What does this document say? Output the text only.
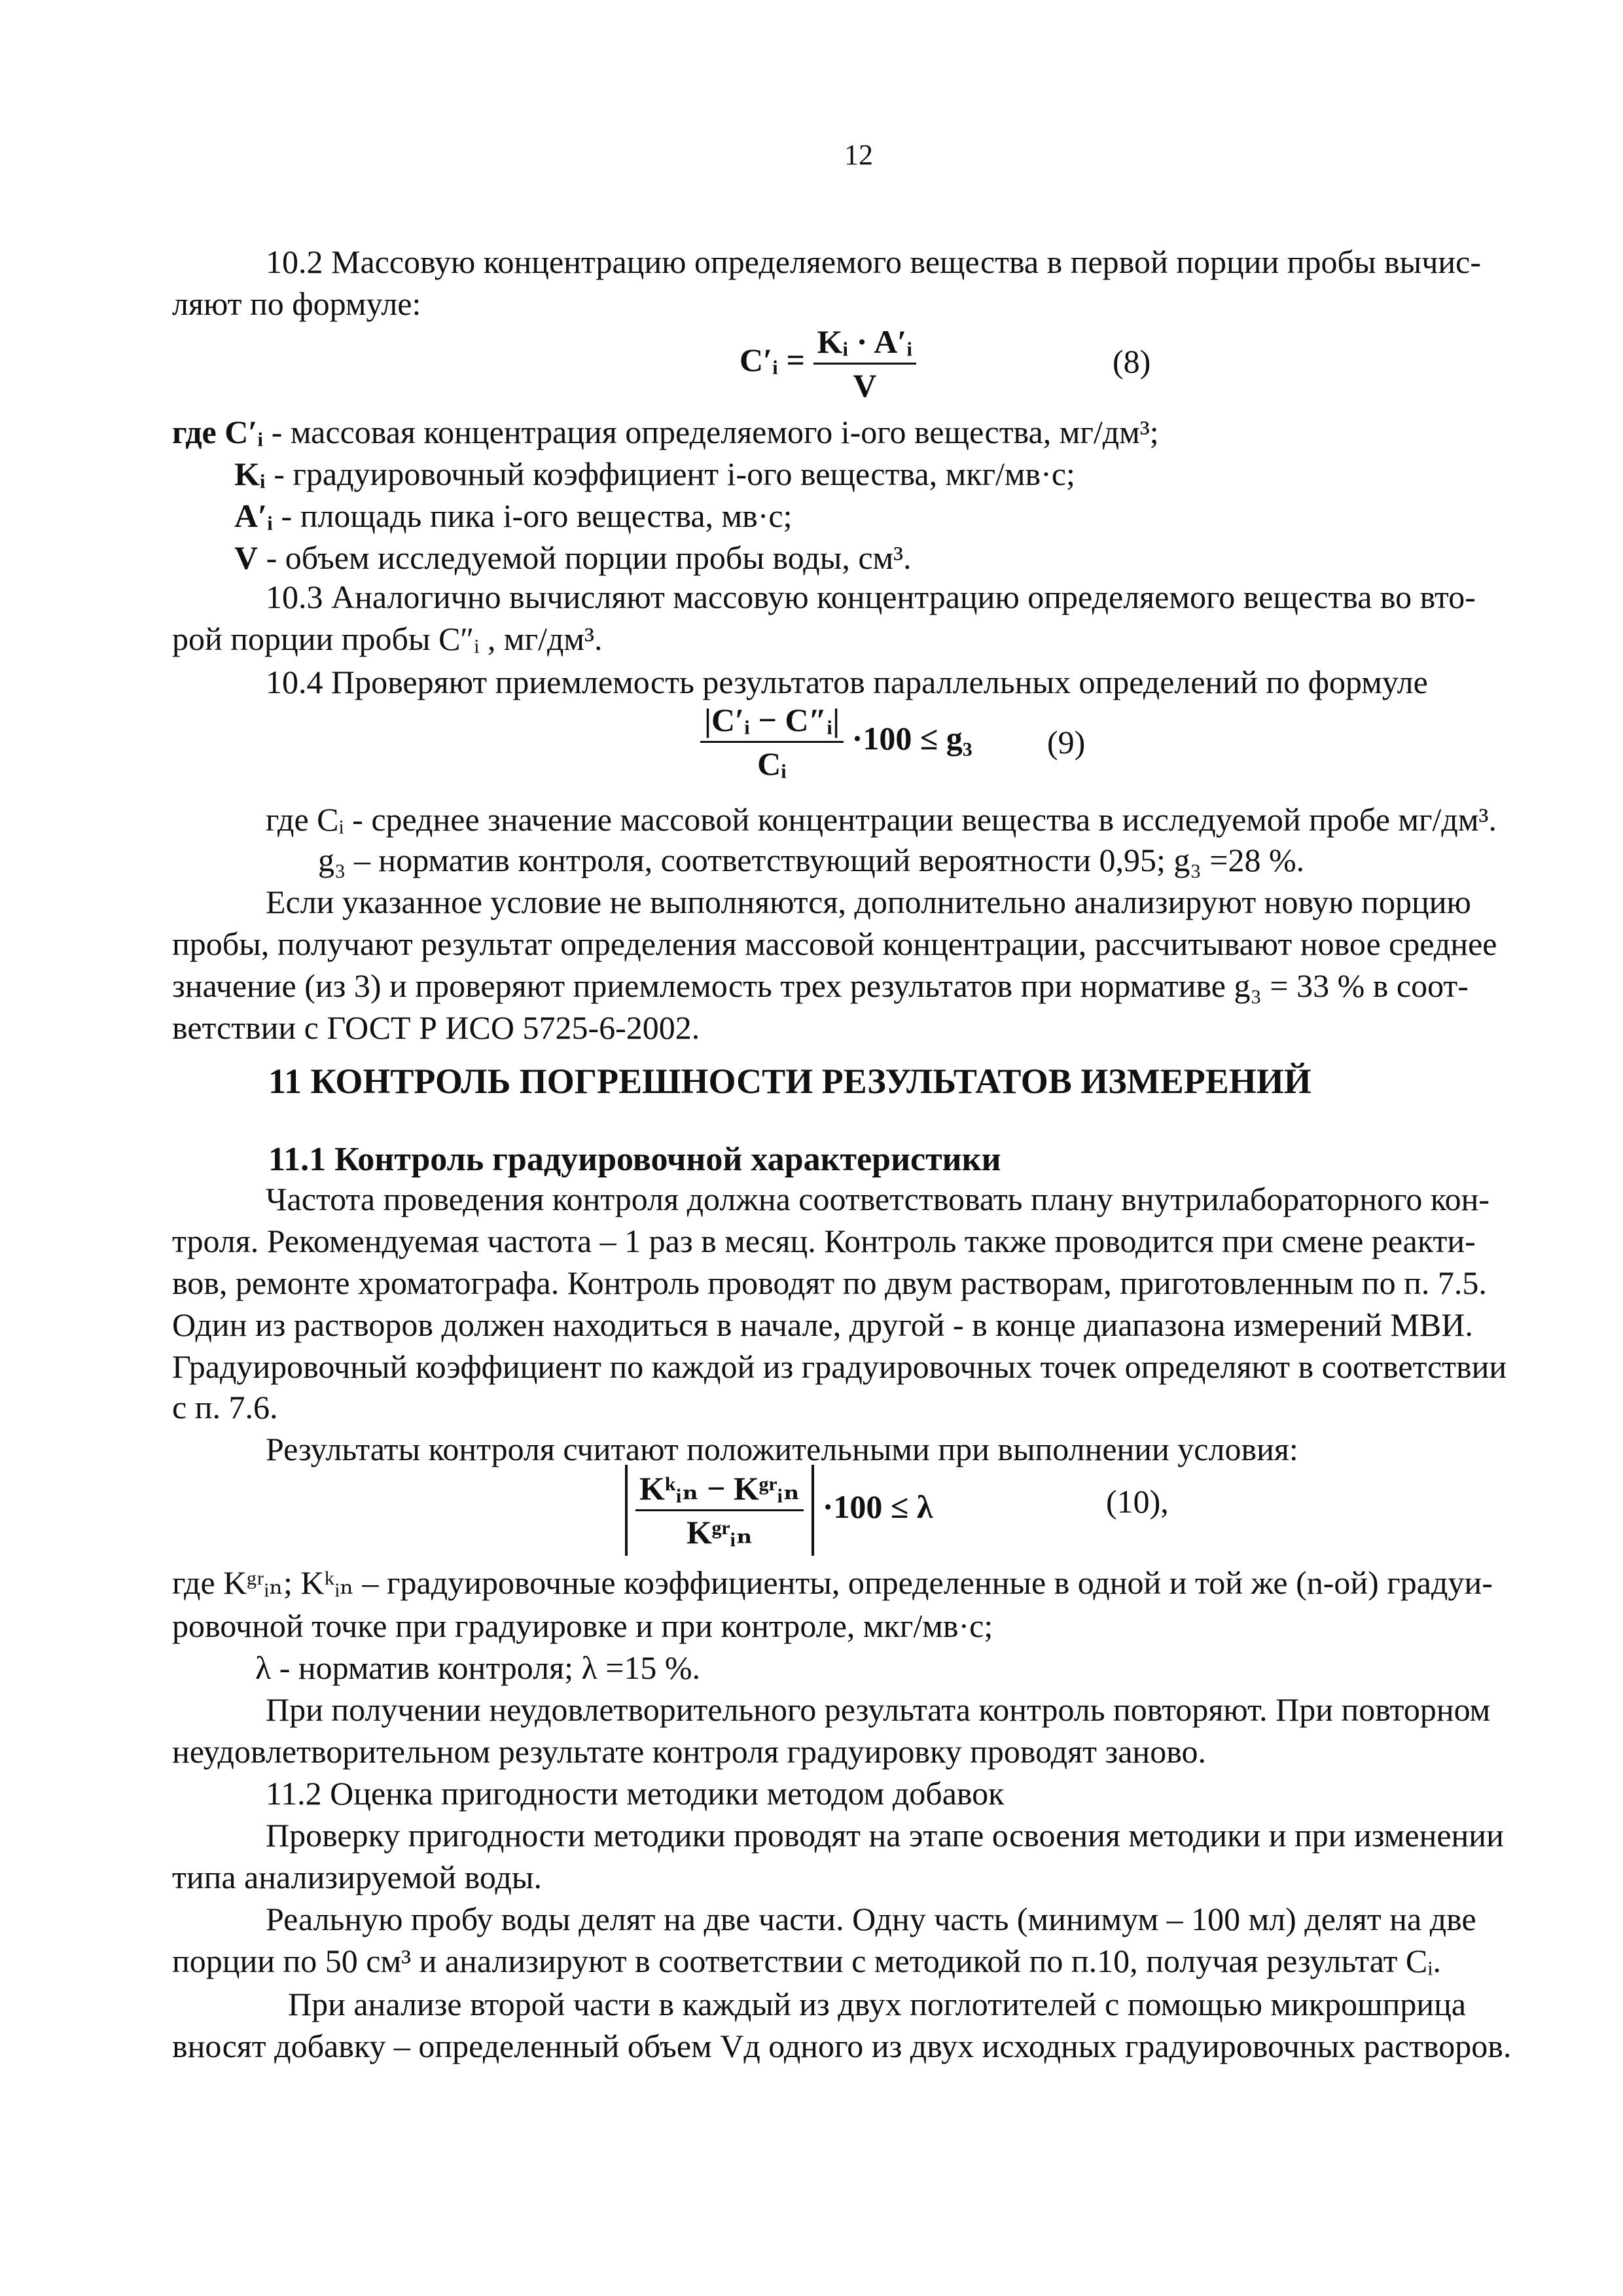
12
10.2 Массовую концентрацию определяемого вещества в первой порции пробы вычис-
ляют по формуле:
C′ᵢ = $\frac{\text{Kᵢ · A′ᵢ}}{V}$	(8)
где C′ᵢ - массовая концентрация определяемого i-ого вещества, мг/дм³;
Kᵢ - градуировочный коэффициент i-ого вещества, мкг/мв·с;
A′ᵢ - площадь пика i-ого вещества, мв·с;
V - объем исследуемой порции пробы воды, см³.
10.3 Аналогично вычисляют массовую концентрацию определяемого вещества во вто-
рой порции пробы C″ᵢ , мг/дм³.
10.4 Проверяют приемлемость результатов параллельных определений по формуле
$\frac{\text{|C′ᵢ − C″ᵢ|}}{\text{Cᵢ}} \cdot 100 \le g_3$ (9)
где Cᵢ - среднее значение массовой концентрации вещества в исследуемой пробе мг/дм³.
g₃ – норматив контроля, соответствующий вероятности 0,95; g₃ =28 %.
Если указанное условие не выполняются, дополнительно анализируют новую порцию
пробы, получают результат определения массовой концентрации, рассчитывают новое среднее
значение (из 3) и проверяют приемлемость трех результатов при нормативе g₃ = 33 % в соот-
ветствии с ГОСТ Р ИСО 5725-6-2002.
11 КОНТРОЛЬ ПОГРЕШНОСТИ РЕЗУЛЬТАТОВ ИЗМЕРЕНИЙ
11.1 Контроль градуировочной характеристики
Частота проведения контроля должна соответствовать плану внутрилабораторного кон-
троля. Рекомендуемая частота – 1 раз в месяц. Контроль также проводится при смене реакти-
вов, ремонте хроматографа. Контроль проводят по двум растворам, приготовленным по п. 7.5.
Один из растворов должен находиться в начале, другой - в конце диапазона измерений МВИ.
Градуировочный коэффициент по каждой из градуировочных точек определяют в соответствии
с п. 7.6.
Результаты контроля считают положительными при выполнении условия:
$\frac{\text{Kᵏᵢₙ − Kᵍʳᵢₙ}}{\text{Kᵍʳᵢₙ}} \cdot 100 \le \lambda$	(10),
где Kᵍʳᵢₙ; Kᵏᵢₙ – градуировочные коэффициенты, определенные в одной и той же (n-ой) градуи-
ровочной точке при градуировке и при контроле, мкг/мв·с;
λ - норматив контроля; λ =15 %.
При получении неудовлетворительного результата контроль повторяют. При повторном
неудовлетворительном результате контроля градуировку проводят заново.
11.2 Оценка пригодности методики методом добавок
Проверку пригодности методики проводят на этапе освоения методики и при изменении
типа анализируемой воды.
Реальную пробу воды делят на две части. Одну часть (минимум – 100 мл) делят на две
порции по 50 см³ и анализируют в соответствии с методикой по п.10, получая результат Cᵢ.
При анализе второй части в каждый из двух поглотителей с помощью микрошприца
вносят добавку – определенный объем Vд одного из двух исходных градуировочных растворов.
